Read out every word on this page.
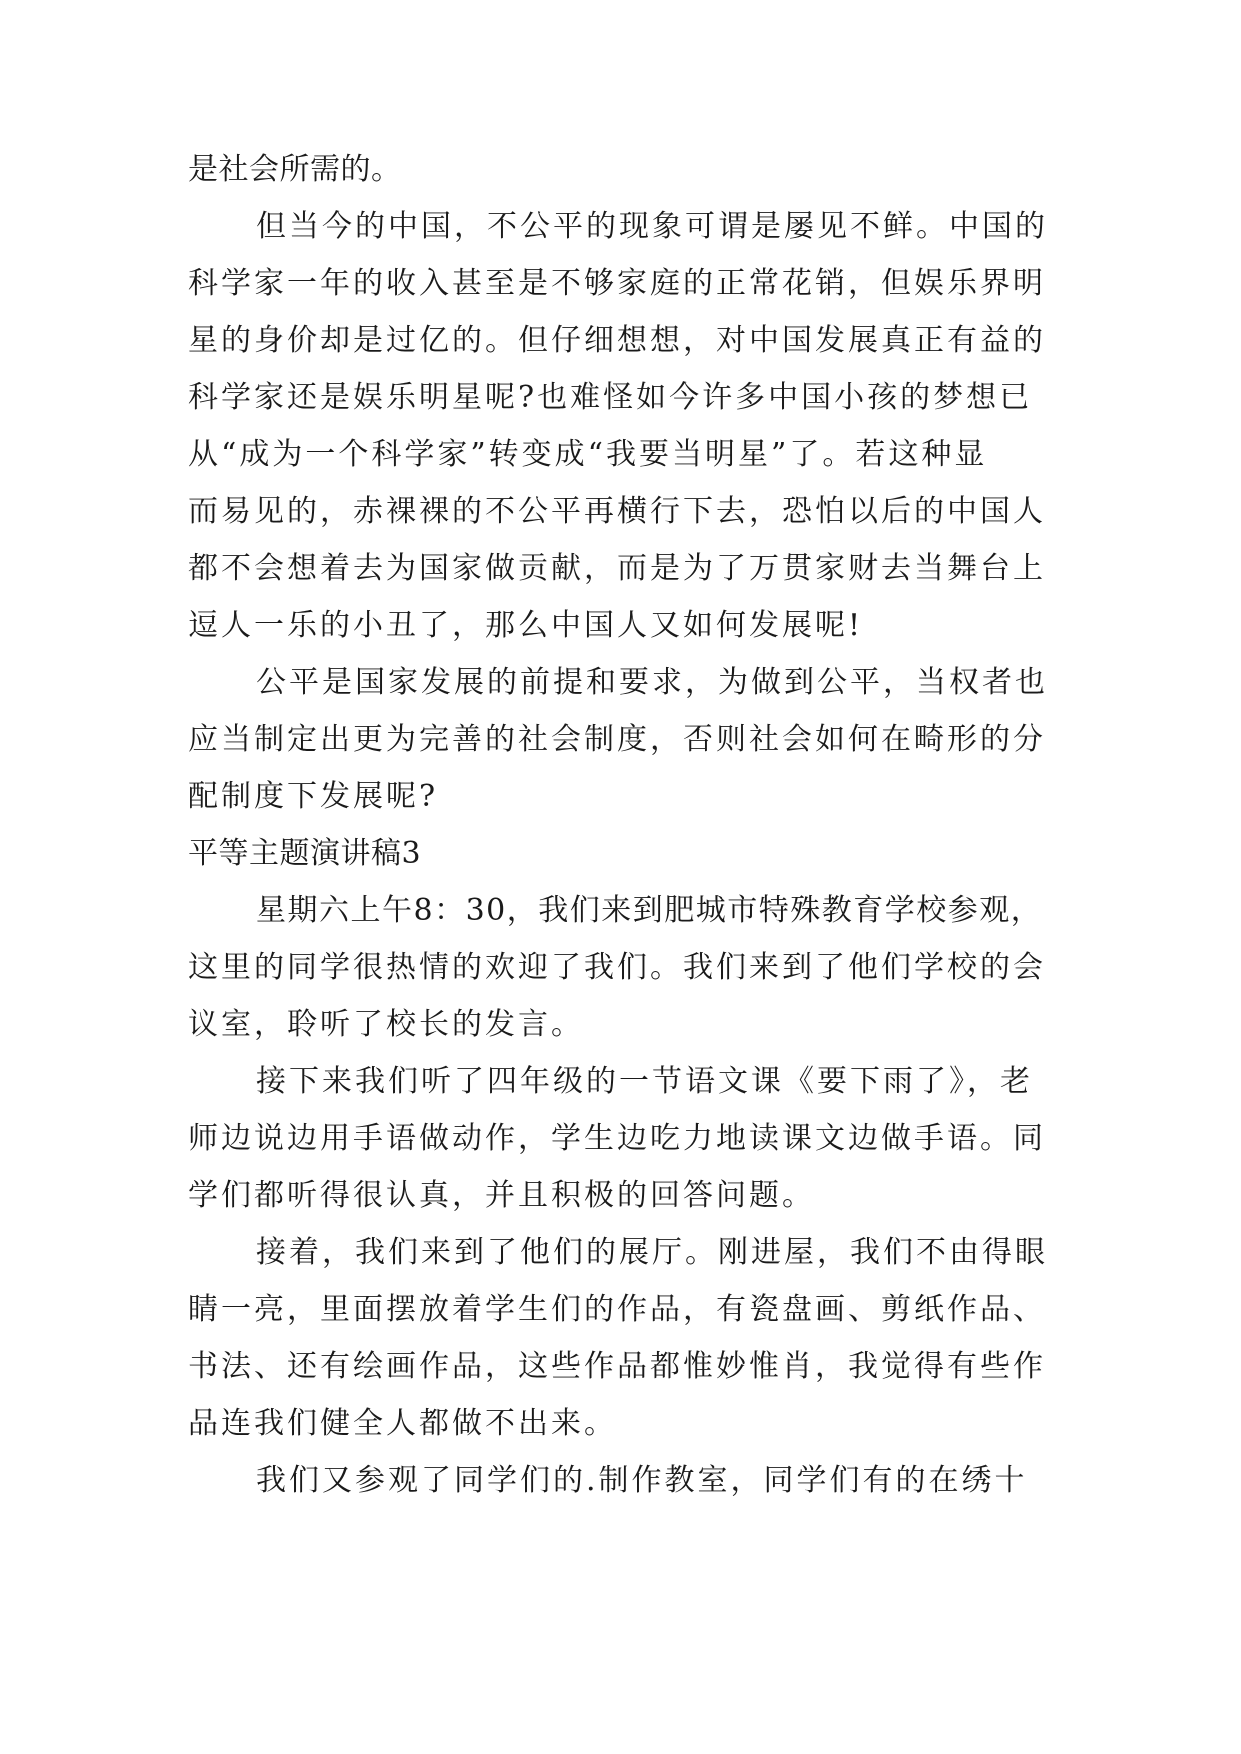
是社会所需的。
但当今的中国，不公平的现象可谓是屡见不鲜。中国的
科学家一年的收入甚至是不够家庭的正常花销，但娱乐界明
星的身价却是过亿的。但仔细想想，对中国发展真正有益的
科学家还是娱乐明星呢?也难怪如今许多中国小孩的梦想已
从“成为一个科学家”转变成“我要当明星”了。若这种显
而易见的，赤裸裸的不公平再横行下去，恐怕以后的中国人
都不会想着去为国家做贡献，而是为了万贯家财去当舞台上
逗人一乐的小丑了，那么中国人又如何发展呢!
公平是国家发展的前提和要求，为做到公平，当权者也
应当制定出更为完善的社会制度，否则社会如何在畸形的分
配制度下发展呢?
平等主题演讲稿3
星期六上午8：30，我们来到肥城市特殊教育学校参观，
这里的同学很热情的欢迎了我们。我们来到了他们学校的会
议室，聆听了校长的发言。
接下来我们听了四年级的一节语文课《要下雨了》，老
师边说边用手语做动作，学生边吃力地读课文边做手语。同
学们都听得很认真，并且积极的回答问题。
接着，我们来到了他们的展厅。刚进屋，我们不由得眼
睛一亮，里面摆放着学生们的作品，有瓷盘画、剪纸作品、
书法、还有绘画作品，这些作品都惟妙惟肖，我觉得有些作
品连我们健全人都做不出来。
我们又参观了同学们的.制作教室，同学们有的在绣十
